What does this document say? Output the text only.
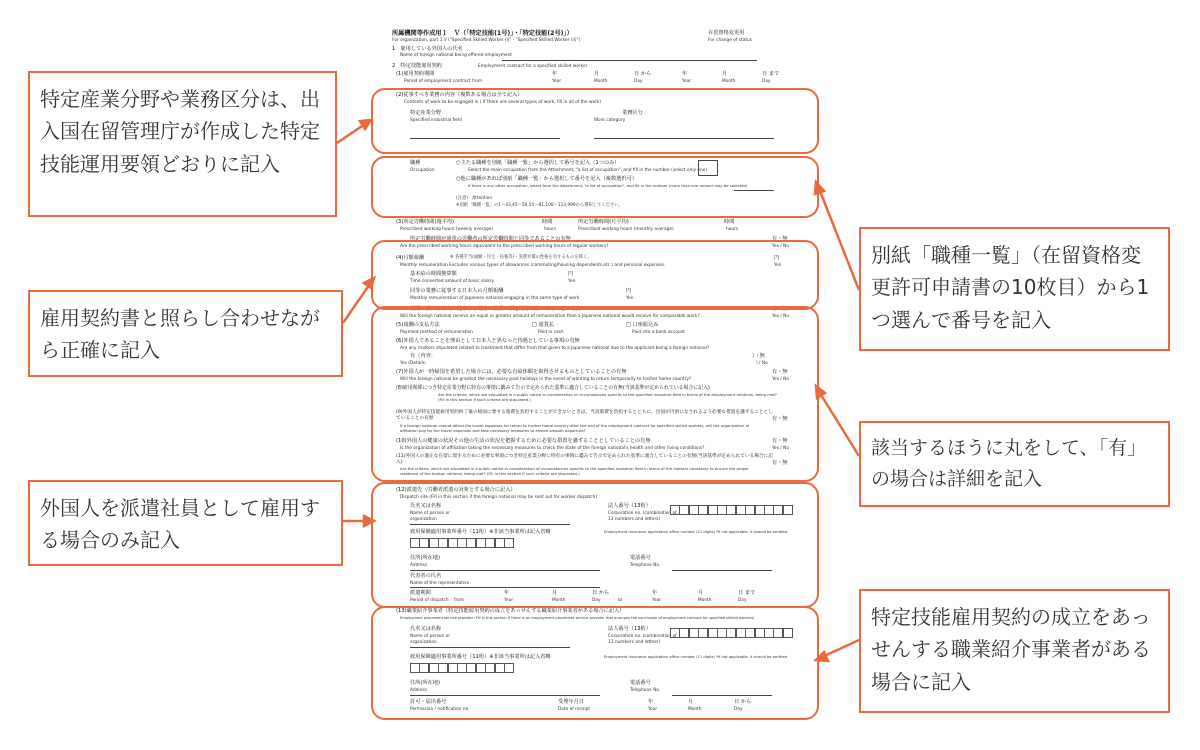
所属機関等作成用１　Ｖ（「特定技能(1号)」・「特定技能(2号)」）
For organization, part 1 V ("Specified Skilled Worker (i)"・"Specified Skilled Worker (ii)")
在留資格変更用
For change of status
1　雇用している外国人の氏名
Name of foreign national being offered employment
2　特定技能雇用契約	Employment contract for a specified skilled worker
(1)雇用契約期間
Period of employment contract from
年	月	日 から	年	月	日 まで
Year	Month	Day	Year	Month	Day
(2)従事すべき業務の内容（複数ある場合は全て記入）
Contents of work to be engaged in ( If there are several types of work, fill in all of the work)
特定産業分野
Specified industrial field
業務区分
Work category
職種
Occupation
○主たる職種を別紙「職種一覧」から選択して番号を記入（1つのみ）
Select the main occupation from the Attachment, "a list of occupation", and fill in the number (select only one)
○他に職種があれば別紙「職種一覧」から選択して番号を記入（複数選択可）
If there is any other occupation, select from the Attachment, "a list of occupation", and fill in the number (more than one answer may be selected)
(注意)　Attention
※別紙「職種一覧」の1～43,45～50,55～81,100～113,999から選択してください。
(3)所定労働時間(週平均)
Prescribed working hours (weekly average)
時間
hours
所定労働時間(月平均)
Prescribed working hours (monthly average)
時間
hours
所定労働時間が通常の労働者の所定労働時間と同等であることの有無
Are the prescribed working hours equivalent to the prescribed working hours of regular workers?
有・無
Yes / No
(4)月額報酬	※ 各種手当(通勤・住宅・扶養等)・実費弁償の性格を有するものを除く。
Monthly remuneration Excludes various types of allowances (commuting/housing dependents,etc.) and personal expenses.
円
Yen
基本給の時間換算額
Time converted amount of basic salary
円
Yen
同等の業務に従事する日本人の月額報酬
Monthly remuneration of Japanese national engaging in the same type of work
円
Yen
報酬の額が日本人が従事する場合の報酬の額と同等以上であることの有無
Will the foreign national receive an equal or greater amount of remuneration than a Japanese national would receive for comparable work?
有・無
Yes / No
(5)報酬の支払方法
Payment method of remuneration
□ 通貨払
Paid in cash
□ 口座振込み
Paid into a bank account
(6)外国人であることを理由として日本人と異なった待遇としている事項の有無
Are any matters stipulated related to treatment that differ from that given to a Japanese national due to the applicant being a foreign national?
有（内容：	）・無
Yes (Details:	) / No
(7)外国人が一時帰国を希望した場合には，必要な有給休暇を取得させるものとしていることの有無
Will the foreign national be granted the necessary paid holidays in the event of wanting to return temporarily to his/her home country?
有・無
Yes / No
(8)雇用関係につき特定産業分野に特有の事情に鑑みて告示で定められた基準に適合していることの有無(当該基準が定められている場合に記入)
Are the criteria, which are stipulated in a public notice in consideration of circumstances specific to the specified industrial field in terms of the employment relations, being met? (Fill in this section if such criteria are stipulated.)
(9)外国人が特定技能雇用契約終了後の帰国に要する旅費を負担することができないときは，当該旅費を負担するとともに，出国が円滑になされるよう必要な措置を講ずることとしていることの有無
If a foreign national cannot afford the travel expenses for return to his/her home country after the end of the employment contract for specified skilled workers, will the organization of affiliation pay for the travel expenses and take necessary measures to ensure smooth departure?
有・無
(10)外国人の健康の状況その他の生活の状況を把握するために必要な措置を講ずることとしていることの有無
Is the organization of affiliation taking the necessary measures to check the state of the foreign national's health and other living conditions?
有・無
Yes / No
(11)外国人の適正な在留に資するために必要な事項につき特定産業分野に特有の事情に鑑みて告示で定められた基準に適合していることの有無(当該基準が定められている場合に記入)
Are the criteria, which are stipulated in a public notice in consideration of circumstances specific to the specified industrial field in terms of the matters necessary to ensure the proper residence of the foreign national, being met? (Fill in this section if such criteria are stipulated.)
有・無
(12)派遣先（労働者派遣の対象とする場合に記入）
Dispatch site (Fill in this section if the foreign national may be sent out for worker dispatch)
氏名又は名称
Name of person or
organization
法人番号（13桁）
Corporation no. (combination of
13 numbers and letters)
雇用保険適用事業所番号（11桁）※非該当事業所は記入省略	Employment insurance application office number (11 digits) *If not applicable, it should be omitted
住所(所在地)
Address
電話番号
Telephone No.
代表者の氏名
Name of the representative
派遣期間
Period of dispatch from
年	月	日 から	年	月	日 まで
Year	Month	Day	to	Year	Month	Day
(13)職業紹介事業者（特定技能雇用契約の成立をあっせんする職業紹介事業者がある場合に記入）
Employment placement service provider (Fill in this section if there is an employment placement service provider that arranges the conclusion of employment contract for specified skilled workers)
氏名又は名称
Name of person or
organization
法人番号（13桁）
Corporation no. (combination of
13 numbers and letters)
雇用保険適用事業所番号（11桁）※非該当事業所は記入省略	Employment insurance application office number (11 digits) *If not applicable, it should be omitted
住所(所在地)
Address
電話番号
Telephone No.
許可・届出番号
Permission / notification no.
受理年月日
Date of receipt
年	月	日 から
Year	Month	Day
特定産業分野や業務区分は、出入国在留管理庁が作成した特定技能運用要領どおりに記入
別紙「職種一覧」（在留資格変更許可申請書の10枚目）から1つ選んで番号を記入
雇用契約書と照らし合わせながら正確に記入
該当するほうに丸をして、「有」の場合は詳細を記入
外国人を派遣社員として雇用する場合のみ記入
特定技能雇用契約の成立をあっせんする職業紹介事業者がある場合に記入
